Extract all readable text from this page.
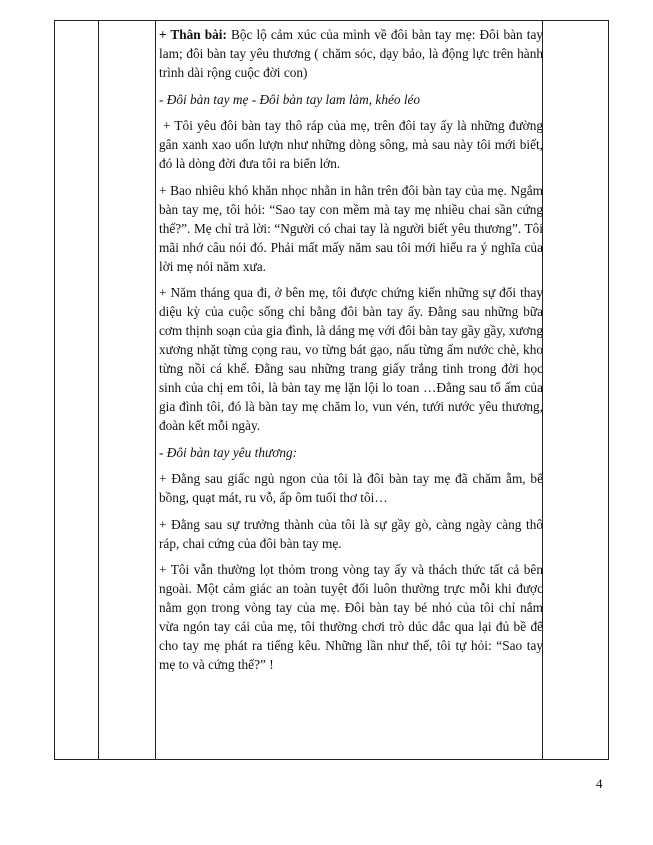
+ Thân bài: Bộc lộ cảm xúc của mình về đôi bàn tay mẹ: Đôi bàn tay lam; đôi bàn tay yêu thương ( chăm sóc, dạy bảo, là động lực trên hành trình dài rộng cuộc đời con)

- Đôi bàn tay mẹ - Đôi bàn tay lam làm, khéo léo

+ Tôi yêu đôi bàn tay thô ráp của mẹ, trên đôi tay ấy là những đường gân xanh xao uốn lượn như những dòng sông, mà sau này tôi mới biết, đó là dòng đời đưa tôi ra biển lớn.

+ Bao nhiêu khó khăn nhọc nhằn in hằn trên đôi bàn tay của mẹ. Ngắm bàn tay mẹ, tôi hỏi: “Sao tay con mềm mà tay mẹ nhiều chai sần cứng thế?”. Mẹ chỉ trả lời: “Người có chai tay là người biết yêu thương”. Tôi mãi nhớ câu nói đó. Phải mất mấy năm sau tôi mới hiểu ra ý nghĩa của lời mẹ nói năm xưa.

+ Năm tháng qua đi, ở bên mẹ, tôi được chứng kiến những sự đổi thay diệu kỳ của cuộc sống chỉ bằng đôi bàn tay ấy. Đằng sau những bữa cơm thịnh soạn của gia đình, là dáng mẹ với đôi bàn tay gầy gầy, xương xương nhặt từng cọng rau, vo từng bát gạo, nấu từng ấm nước chè, kho từng nồi cá khế. Đằng sau những trang giấy trắng tinh trong đời học sinh của chị em tôi, là bàn tay mẹ lặn lội lo toan …Đằng sau tổ ấm của gia đình tôi, đó là bàn tay mẹ chăm lo, vun vén, tưới nước yêu thương, đoàn kết mỗi ngày.

- Đôi bàn tay yêu thương:

+ Đằng sau giấc ngủ ngon của tôi là đôi bàn tay mẹ đã chăm ẵm, bế bồng, quạt mát, ru vỗ, ấp ôm tuổi thơ tôi…

+ Đằng sau sự trưởng thành của tôi là sự gầy gò, càng ngày càng thô ráp, chai cứng của đôi bàn tay mẹ.

+ Tôi vẫn thường lọt thỏm trong vòng tay ấy và thách thức tất cả bên ngoài. Một cảm giác an toàn tuyệt đối luôn thường trực mỗi khi được nằm gọn trong vòng tay của mẹ. Đôi bàn tay bé nhỏ của tôi chỉ nắm vừa ngón tay cái của mẹ, tôi thường chơi trò dúc dắc qua lại đủ bề để cho tay mẹ phát ra tiếng kêu. Những lần như thế, tôi tự hỏi: “Sao tay mẹ to và cứng thế?” !

4
